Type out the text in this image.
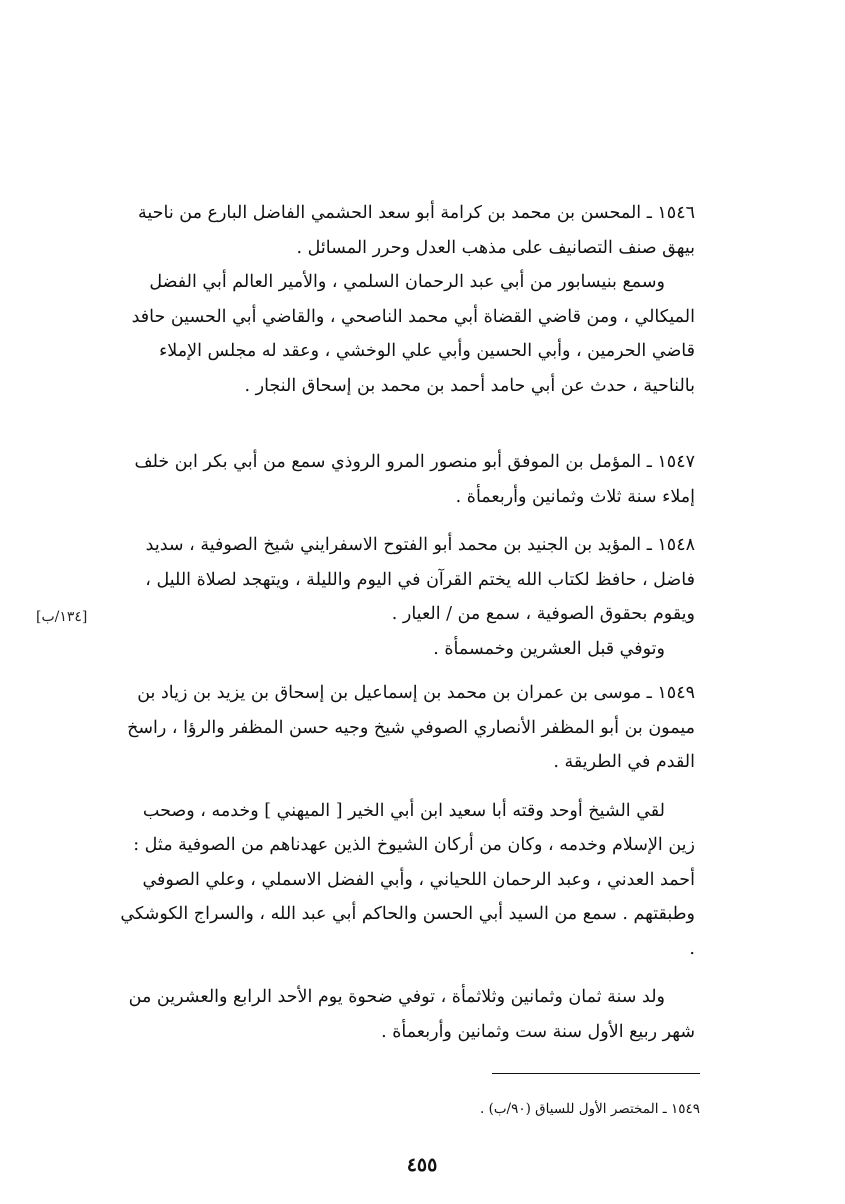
١٥٤٦ ـ المحسن بن محمد بن كرامة أبو سعد الحشمي الفاضل البارع من ناحية بيهق صنف التصانيف على مذهب العدل وحرر المسائل .

وسمع بنيسابور من أبي عبد الرحمان السلمي ، والأمير العالم أبي الفضل الميكالي ، ومن قاضي القضاة أبي محمد الناصحي ، والقاضي أبي الحسين حافد قاضي الحرمين ، وأبي الحسين وأبي علي الوخشي ، وعقد له مجلس الإملاء بالناحية ، حدث عن أبي حامد أحمد بن محمد بن إسحاق النجار .

١٥٤٧ ـ المؤمل بن الموفق أبو منصور المرو الروذي سمع من أبي بكر ابن خلف إملاء سنة ثلاث وثمانين وأربعمأة .

١٥٤٨ ـ المؤيد بن الجنيد بن محمد أبو الفتوح الاسفرايني شيخ الصوفية ، سديد فاضل ، حافظ لكتاب الله يختم القرآن في اليوم والليلة ، ويتهجد لصلاة الليل ، ويقوم بحقوق الصوفية ، سمع من / العيار .

وتوفي قبل العشرين وخمسمأة .

[١٣٤/ب]

١٥٤٩ ـ موسى بن عمران بن محمد بن إسماعيل بن إسحاق بن يزيد بن زياد بن ميمون بن أبو المظفر الأنصاري الصوفي شيخ وجيه حسن المظفر والرؤا ، راسخ القدم في الطريقة .

لقي الشيخ أوحد وقته أبا سعيد ابن أبي الخير [ الميهني ] وخدمه ، وصحب زين الإسلام وخدمه ، وكان من أركان الشيوخ الذين عهدناهم من الصوفية مثل : أحمد العدني ، وعبد الرحمان اللحياني ، وأبي الفضل الاسملي ، وعلي الصوفي وطبقتهم . سمع من السيد أبي الحسن والحاكم أبي عبد الله ، والسراج الكوشكي .

ولد سنة ثمان وثمانين وثلاثمأة ، توفي ضحوة يوم الأحد الرابع والعشرين من شهر ربيع الأول سنة ست وثمانين وأربعمأة .

١٥٤٩ ـ المختصر الأول للسياق (٩٠/ب) .
٤٥٥
